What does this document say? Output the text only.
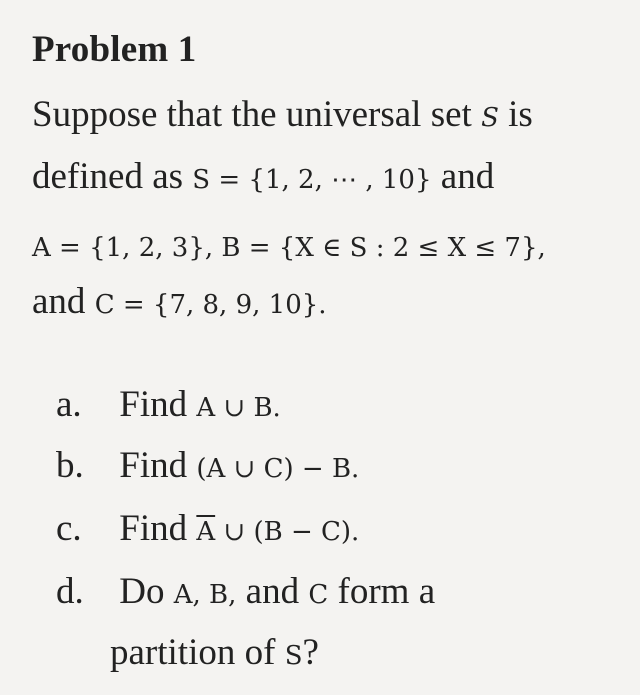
Problem 1
Suppose that the universal set S is
defined as S = {1, 2, ⋯ , 10} and
A = {1, 2, 3}, B = {X ∈ S : 2 ≤ X ≤ 7},
and C = {7, 8, 9, 10}.
a. Find A ∪ B.
b. Find (A ∪ C) − B.
c. Find $\overline{A}$ ∪ (B − C).
d. Do A, B, and C form a
partition of S?
